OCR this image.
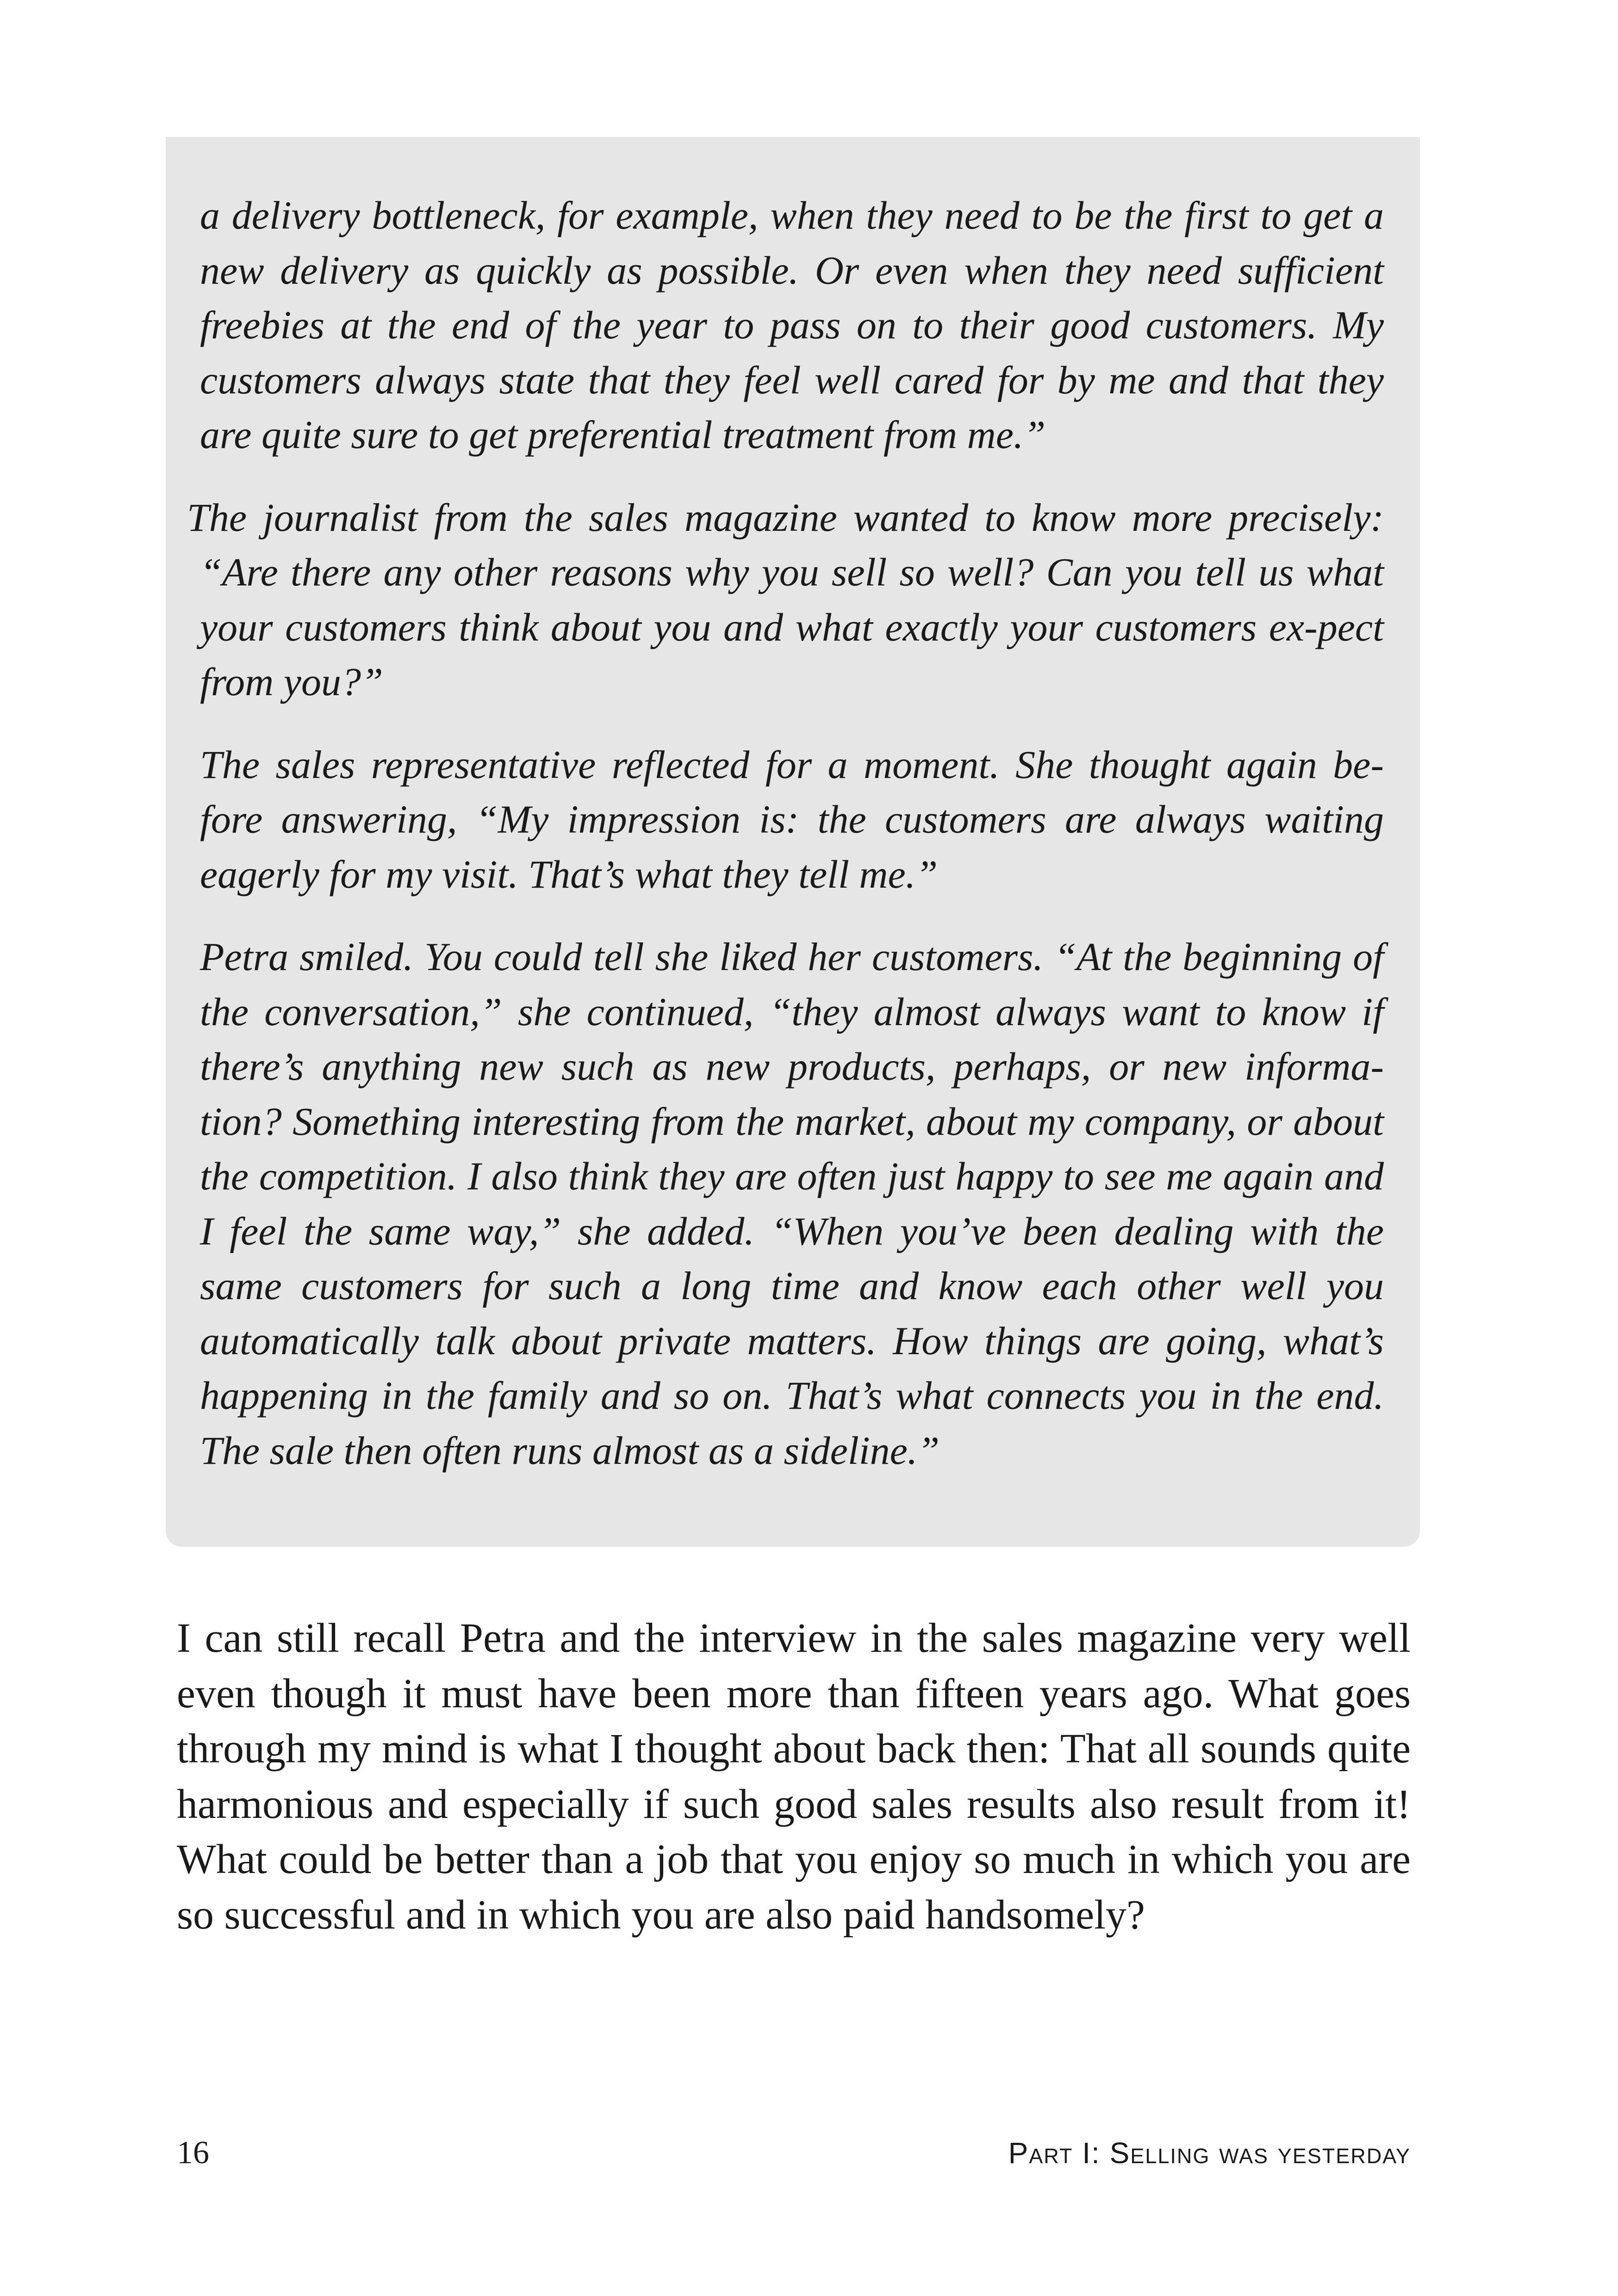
a delivery bottleneck, for example, when they need to be the first to get a new delivery as quickly as possible. Or even when they need sufficient freebies at the end of the year to pass on to their good customers. My customers always state that they feel well cared for by me and that they are quite sure to get preferential treatment from me.”

The journalist from the sales magazine wanted to know more precisely: “Are there any other reasons why you sell so well? Can you tell us what your customers think about you and what exactly your customers ex-pect from you?”

The sales representative reflected for a moment. She thought again be-fore answering, “My impression is: the customers are always waiting eagerly for my visit. That’s what they tell me.”

Petra smiled. You could tell she liked her customers. “At the beginning of the conversation,” she continued, “they almost always want to know if there’s anything new such as new products, perhaps, or new informa-tion? Something interesting from the market, about my company, or about the competition. I also think they are often just happy to see me again and I feel the same way,” she added. “When you’ve been dealing with the same customers for such a long time and know each other well you automatically talk about private matters. How things are going, what’s happening in the family and so on. That’s what connects you in the end. The sale then often runs almost as a sideline.”

I can still recall Petra and the interview in the sales magazine very well even though it must have been more than fifteen years ago. What goes through my mind is what I thought about back then: That all sounds quite harmonious and especially if such good sales results also result from it! What could be better than a job that you enjoy so much in which you are so successful and in which you are also paid handsomely?

16	Part I: Selling was yesterday
